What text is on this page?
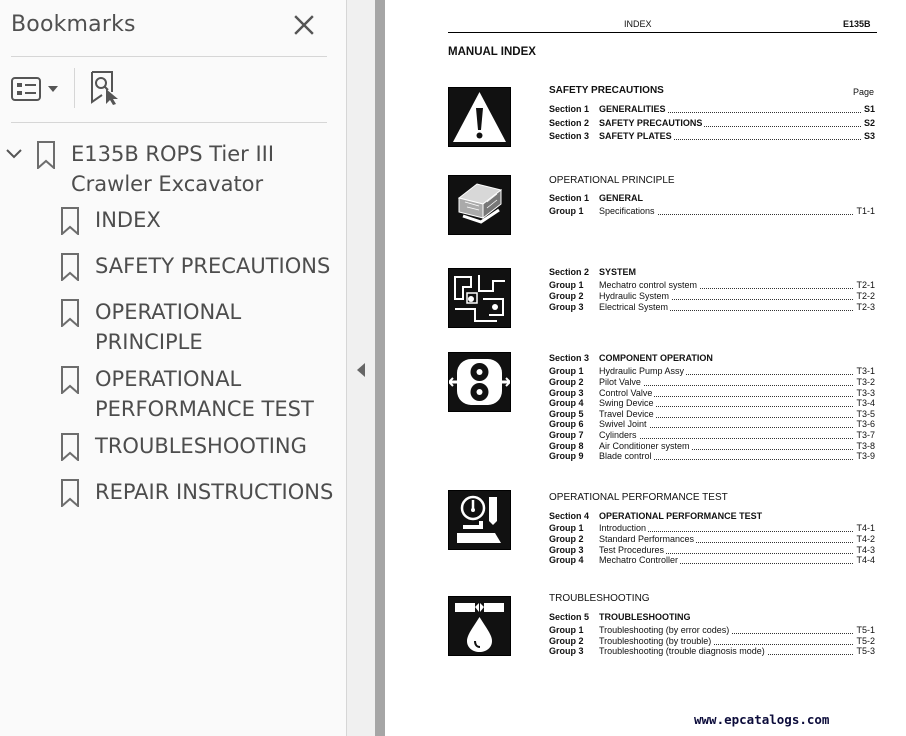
Bookmarks
E135B ROPS Tier III
Crawler Excavator
INDEX
SAFETY PRECAUTIONS
OPERATIONAL
PRINCIPLE
OPERATIONAL
PERFORMANCE TEST
TROUBLESHOOTING
REPAIR INSTRUCTIONS
INDEX	E135B
MANUAL INDEX
SAFETY PRECAUTIONS	Page
Section 1 GENERALITIES	S1
Section 2 SAFETY PRECAUTIONS	S2
Section 3 SAFETY PLATES	S3
OPERATIONAL PRINCIPLE
Section 1 GENERAL
Group 1 Specifications	T1-1
Section 2 SYSTEM
Group 1 Mechatro control system	T2-1
Group 2 Hydraulic System	T2-2
Group 3 Electrical System	T2-3
Section 3 COMPONENT OPERATION
Group 1 Hydraulic Pump Assy	T3-1
Group 2 Pilot Valve	T3-2
Group 3 Control Valve	T3-3
Group 4 Swing Device	T3-4
Group 5 Travel Device	T3-5
Group 6 Swivel Joint	T3-6
Group 7 Cylinders	T3-7
Group 8 Air Conditioner system	T3-8
Group 9 Blade control	T3-9
OPERATIONAL PERFORMANCE TEST
Section 4 OPERATIONAL PERFORMANCE TEST
Group 1 Introduction	T4-1
Group 2 Standard Performances	T4-2
Group 3 Test Procedures	T4-3
Group 4 Mechatro Controller	T4-4
TROUBLESHOOTING
Section 5 TROUBLESHOOTING
Group 1 Troubleshooting (by error codes)	T5-1
Group 2 Troubleshooting (by trouble)	T5-2
Group 3 Troubleshooting (trouble diagnosis mode)	T5-3
www.epcatalogs.com
